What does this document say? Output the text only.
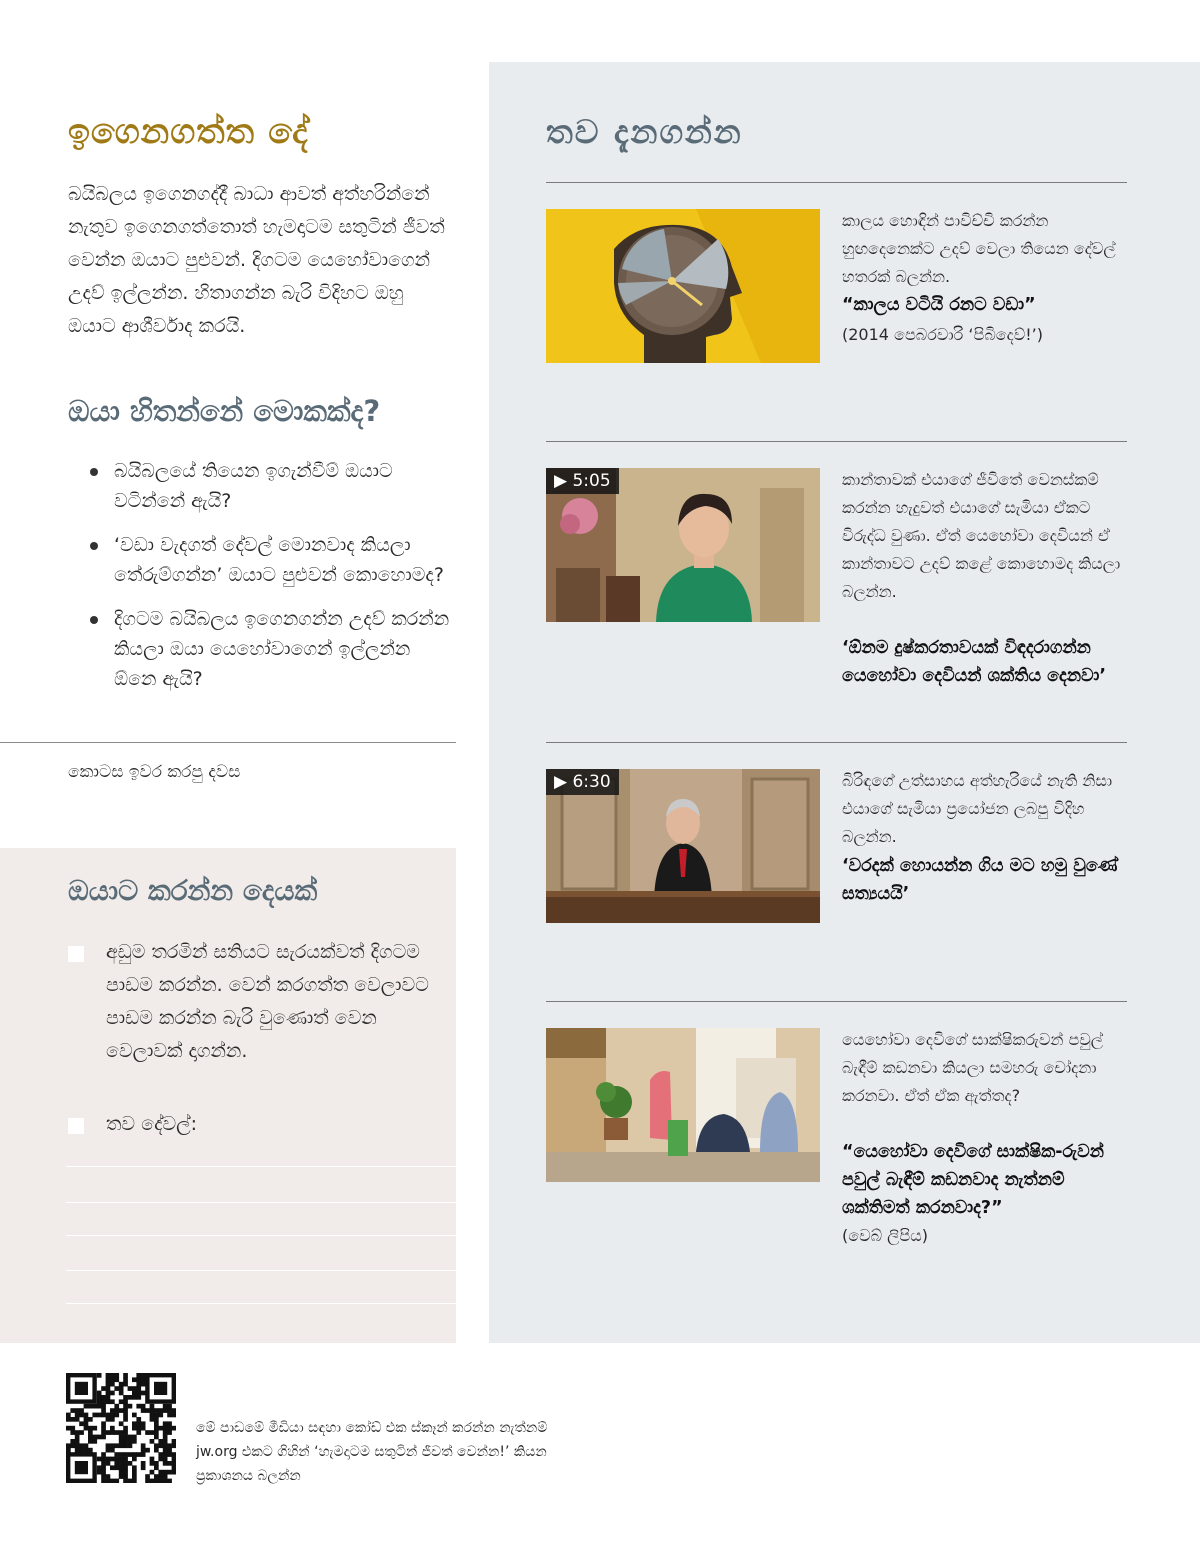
ඉගෙනගත්ත දේ
බයිබලය ඉගෙනගද්දී බාධා ආවත් අත්හරින්නේ නැතුව ඉගෙනගත්තොත් හැමදාටම සතුටින් ජීවත් වෙන්න ඔයාට පුළුවන්. දිගටම යෙහෝවාගෙන් උදව් ඉල්ලන්න. හිතාගන්න බැරි විදිහට ඔහු ඔයාට ආශීර්වාද කරයි.
ඔයා හිතන්නේ මොකක්ද?
බයිබලයේ තියෙන ඉගැන්වීම් ඔයාට වටින්නේ ඇයි?
‘වඩා වැදගත් දේවල් මොනවාද කියලා තේරුම්ගන්න’ ඔයාට පුළුවන් කොහොමද?
දිගටම බයිබලය ඉගෙනගන්න උදව් කරන්න කියලා ඔයා යෙහෝවාගෙන් ඉල්ලන්න ඕනෙ ඇයි?
කොටස ඉවර කරපු දවස
ඔයාට කරන්න දෙයක්
අඩුම තරමින් සතියට සැරයක්වත් දිගටම පාඩම කරන්න. වෙන් කරගත්ත වෙලාවට පාඩම කරන්න බැරි වුණොත් වෙන වෙලාවක් දාගන්න.
තව දේවල්:
තව දැනගන්න
කාලය හොඳින් පාවිච්චි කරන්න හුඟදෙනෙක්ට උදව් වෙලා තියෙන දේවල් හතරක් බලන්න.
“කාලය වටියි රනට වඩා”
(2014 පෙබරවාරි ‘පිබිදෙව්!’)
▶ 5:05	කාන්තාවක් එයාගේ ජීවිතේ වෙනස්කම් කරන්න හැදුවත් එයාගේ සැමියා ඒකට විරුද්ධ වුණා. ඒත් යෙහෝවා දෙවියන් ඒ කාන්තාවට උදව් කළේ කොහොමද කියලා බලන්න.
‘ඕනම දුෂ්කරතාවයක් විඳදරාගන්න යෙහෝවා දෙවියන් ශක්තිය දෙනවා’
▶ 6:30	බිරිඳගේ උත්සාහය අත්හැරියේ නැති නිසා එයාගේ සැමියා ප්‍රයෝජන ලබපු විදිහ බලන්න.
‘වරදක් හොයන්න ගිය මට හමු වුණේ සත්‍යයයි’
යෙහෝවා දෙවිගේ සාක්ෂිකරුවන් පවුල් බැඳීම් කඩනවා කියලා සමහරු චෝදනා කරනවා. ඒත් ඒක ඇත්තද?
“යෙහෝවා දෙවිගේ සාක්ෂික-රුවන් පවුල් බැඳීම් කඩනවාද නැත්නම් ශක්තිමත් කරනවාද?”
(වෙබ් ලිපිය)
මේ පාඩමේ මීඩියා සඳහා කෝඩ් එක ස්කෑන් කරන්න නැත්නම් jw.org එකට ගිහින් ‘හැමදාටම සතුටින් ජීවත් වෙන්න!’ කියන ප්‍රකාශනය බලන්න
